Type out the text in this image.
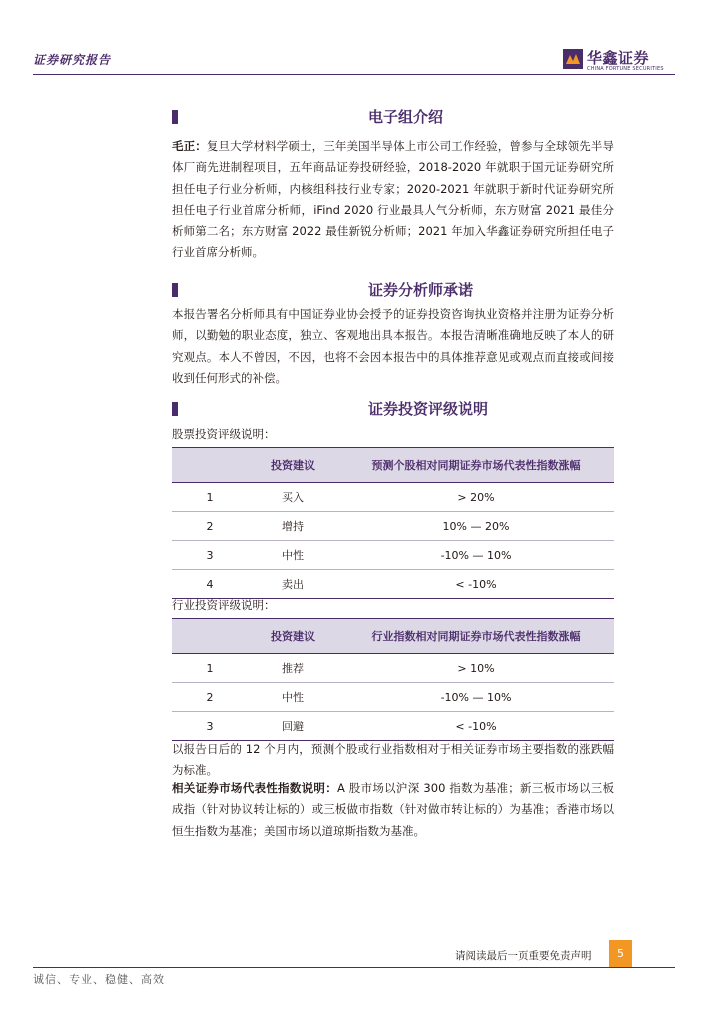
证券研究报告	华鑫证券
CHINA FORTUNE SECURITIES
电子组介绍
毛正：复旦大学材料学硕士，三年美国半导体上市公司工作经验，曾参与全球领先半导体厂商先进制程项目，五年商品证券投研经验，2018-2020 年就职于国元证券研究所担任电子行业分析师，内核组科技行业专家；2020-2021 年就职于新时代证券研究所担任电子行业首席分析师，iFind 2020 行业最具人气分析师，东方财富 2021 最佳分析师第二名；东方财富 2022 最佳新锐分析师；2021 年加入华鑫证券研究所担任电子行业首席分析师。
证券分析师承诺
本报告署名分析师具有中国证券业协会授予的证券投资咨询执业资格并注册为证券分析师，以勤勉的职业态度，独立、客观地出具本报告。本报告清晰准确地反映了本人的研究观点。本人不曾因，不因，也将不会因本报告中的具体推荐意见或观点而直接或间接收到任何形式的补偿。
证券投资评级说明
股票投资评级说明：
	投资建议	预测个股相对同期证券市场代表性指数涨幅
1	买入	> 20%
2	增持	10% — 20%
3	中性	-10% — 10%
4	卖出	< -10%
行业投资评级说明：
	投资建议	行业指数相对同期证券市场代表性指数涨幅
1	推荐	> 10%
2	中性	-10% — 10%
3	回避	< -10%
以报告日后的 12 个月内，预测个股或行业指数相对于相关证券市场主要指数的涨跌幅为标准。
相关证券市场代表性指数说明：A 股市场以沪深 300 指数为基准；新三板市场以三板成指（针对协议转让标的）或三板做市指数（针对做市转让标的）为基准；香港市场以恒生指数为基准；美国市场以道琼斯指数为基准。
请阅读最后一页重要免责声明	5
诚信、专业、稳健、高效
